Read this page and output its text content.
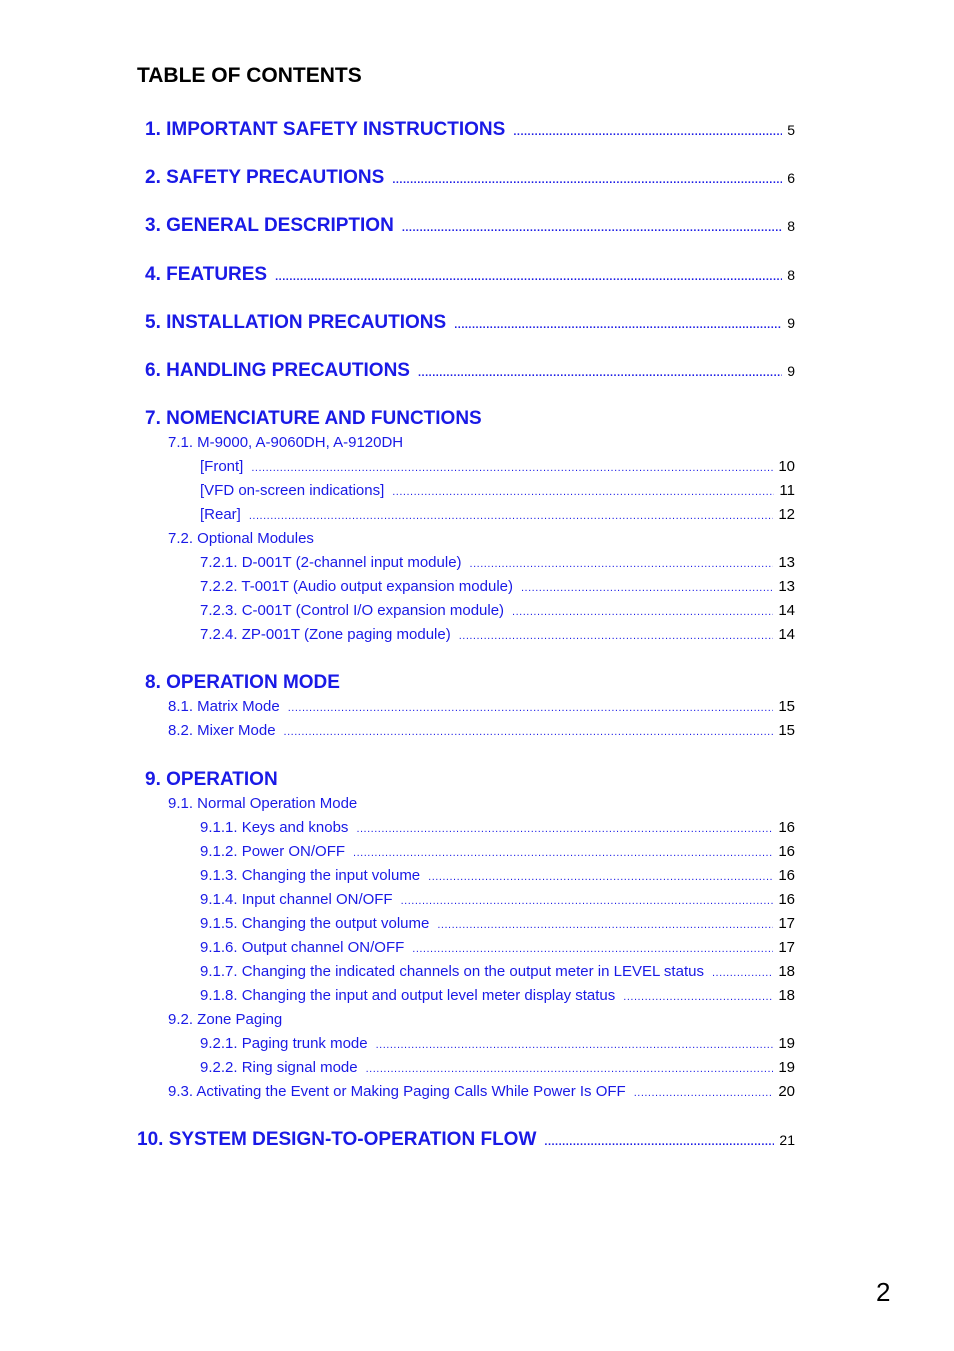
TABLE OF CONTENTS
1. IMPORTANT SAFETY INSTRUCTIONS .....	5
2. SAFETY PRECAUTIONS .....	6
3. GENERAL DESCRIPTION .....	8
4. FEATURES .....	8
5. INSTALLATION PRECAUTIONS .....	9
6. HANDLING PRECAUTIONS .....	9
7. NOMENCIATURE AND FUNCTIONS
7.1. M-9000, A-9060DH, A-9120DH
[Front] .....	10
[VFD on-screen indications] .....	11
[Rear] .....	12
7.2. Optional Modules
7.2.1. D-001T (2-channel input module) .....	13
7.2.2. T-001T (Audio output expansion module) .....	13
7.2.3. C-001T (Control I/O expansion module) .....	14
7.2.4. ZP-001T (Zone paging module) .....	14
8. OPERATION MODE
8.1. Matrix Mode .....	15
8.2. Mixer Mode .....	15
9. OPERATION
9.1. Normal Operation Mode
9.1.1. Keys and knobs .....	16
9.1.2. Power ON/OFF .....	16
9.1.3. Changing the input volume .....	16
9.1.4. Input channel ON/OFF .....	16
9.1.5. Changing the output volume .....	17
9.1.6. Output channel ON/OFF .....	17
9.1.7. Changing the indicated channels on the output meter in LEVEL status .....	18
9.1.8. Changing the input and output level meter display status .....	18
9.2. Zone Paging
9.2.1. Paging trunk mode .....	19
9.2.2. Ring signal mode .....	19
9.3. Activating the Event or Making Paging Calls While Power Is OFF .....	20
10. SYSTEM DESIGN-TO-OPERATION FLOW .....	21
2
